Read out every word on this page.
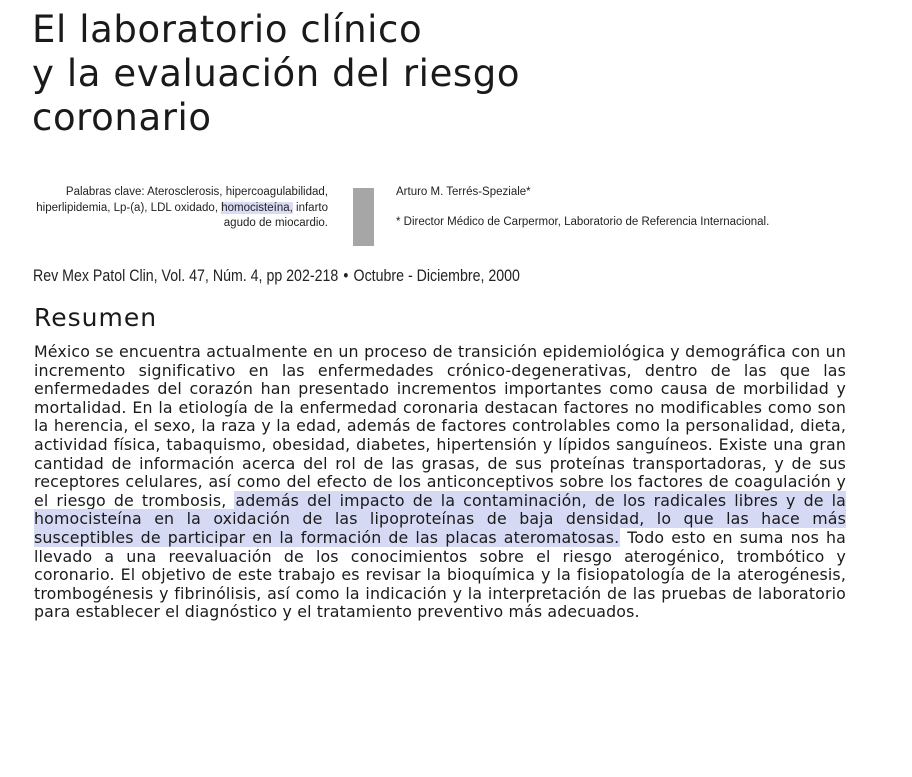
El laboratorio clínico
y la evaluación del riesgo
coronario
Palabras clave: Aterosclerosis, hipercoagulabilidad, hiperlipidemia, Lp-(a), LDL oxidado, homocisteína, infarto agudo de miocardio.
Arturo M. Terrés-Speziale*
* Director Médico de Carpermor, Laboratorio de Referencia Internacional.
Rev Mex Patol Clin, Vol. 47, Núm. 4, pp 202-218 • Octubre - Diciembre, 2000
Resumen

México se encuentra actualmente en un proceso de transición epidemiológica y demográfica con un incremento significativo en las enfermedades crónico-degenerativas, dentro de las que las enfermedades del corazón han presentado incrementos importantes como causa de morbilidad y mortalidad. En la etiología de la enfermedad coronaria destacan factores no modificables como son la herencia, el sexo, la raza y la edad, además de factores controlables como la personalidad, dieta, actividad física, tabaquismo, obesidad, diabetes, hipertensión y lípidos sanguíneos. Existe una gran cantidad de información acerca del rol de las grasas, de sus proteínas transportadoras, y de sus receptores celulares, así como del efecto de los anticonceptivos sobre los factores de coagulación y el riesgo de trombosis, además del impacto de la contaminación, de los radicales libres y de la homocisteína en la oxidación de las lipoproteínas de baja densidad, lo que las hace más susceptibles de participar en la formación de las placas ateromatosas. Todo esto en suma nos ha llevado a una reevaluación de los conocimientos sobre el riesgo aterogénico, trombótico y coronario. El objetivo de este trabajo es revisar la bioquímica y la fisiopatología de la aterogénesis, trombogénesis y fibrinólisis, así como la indicación y la interpretación de las pruebas de laboratorio para establecer el diagnóstico y el tratamiento preventivo más adecuados.
